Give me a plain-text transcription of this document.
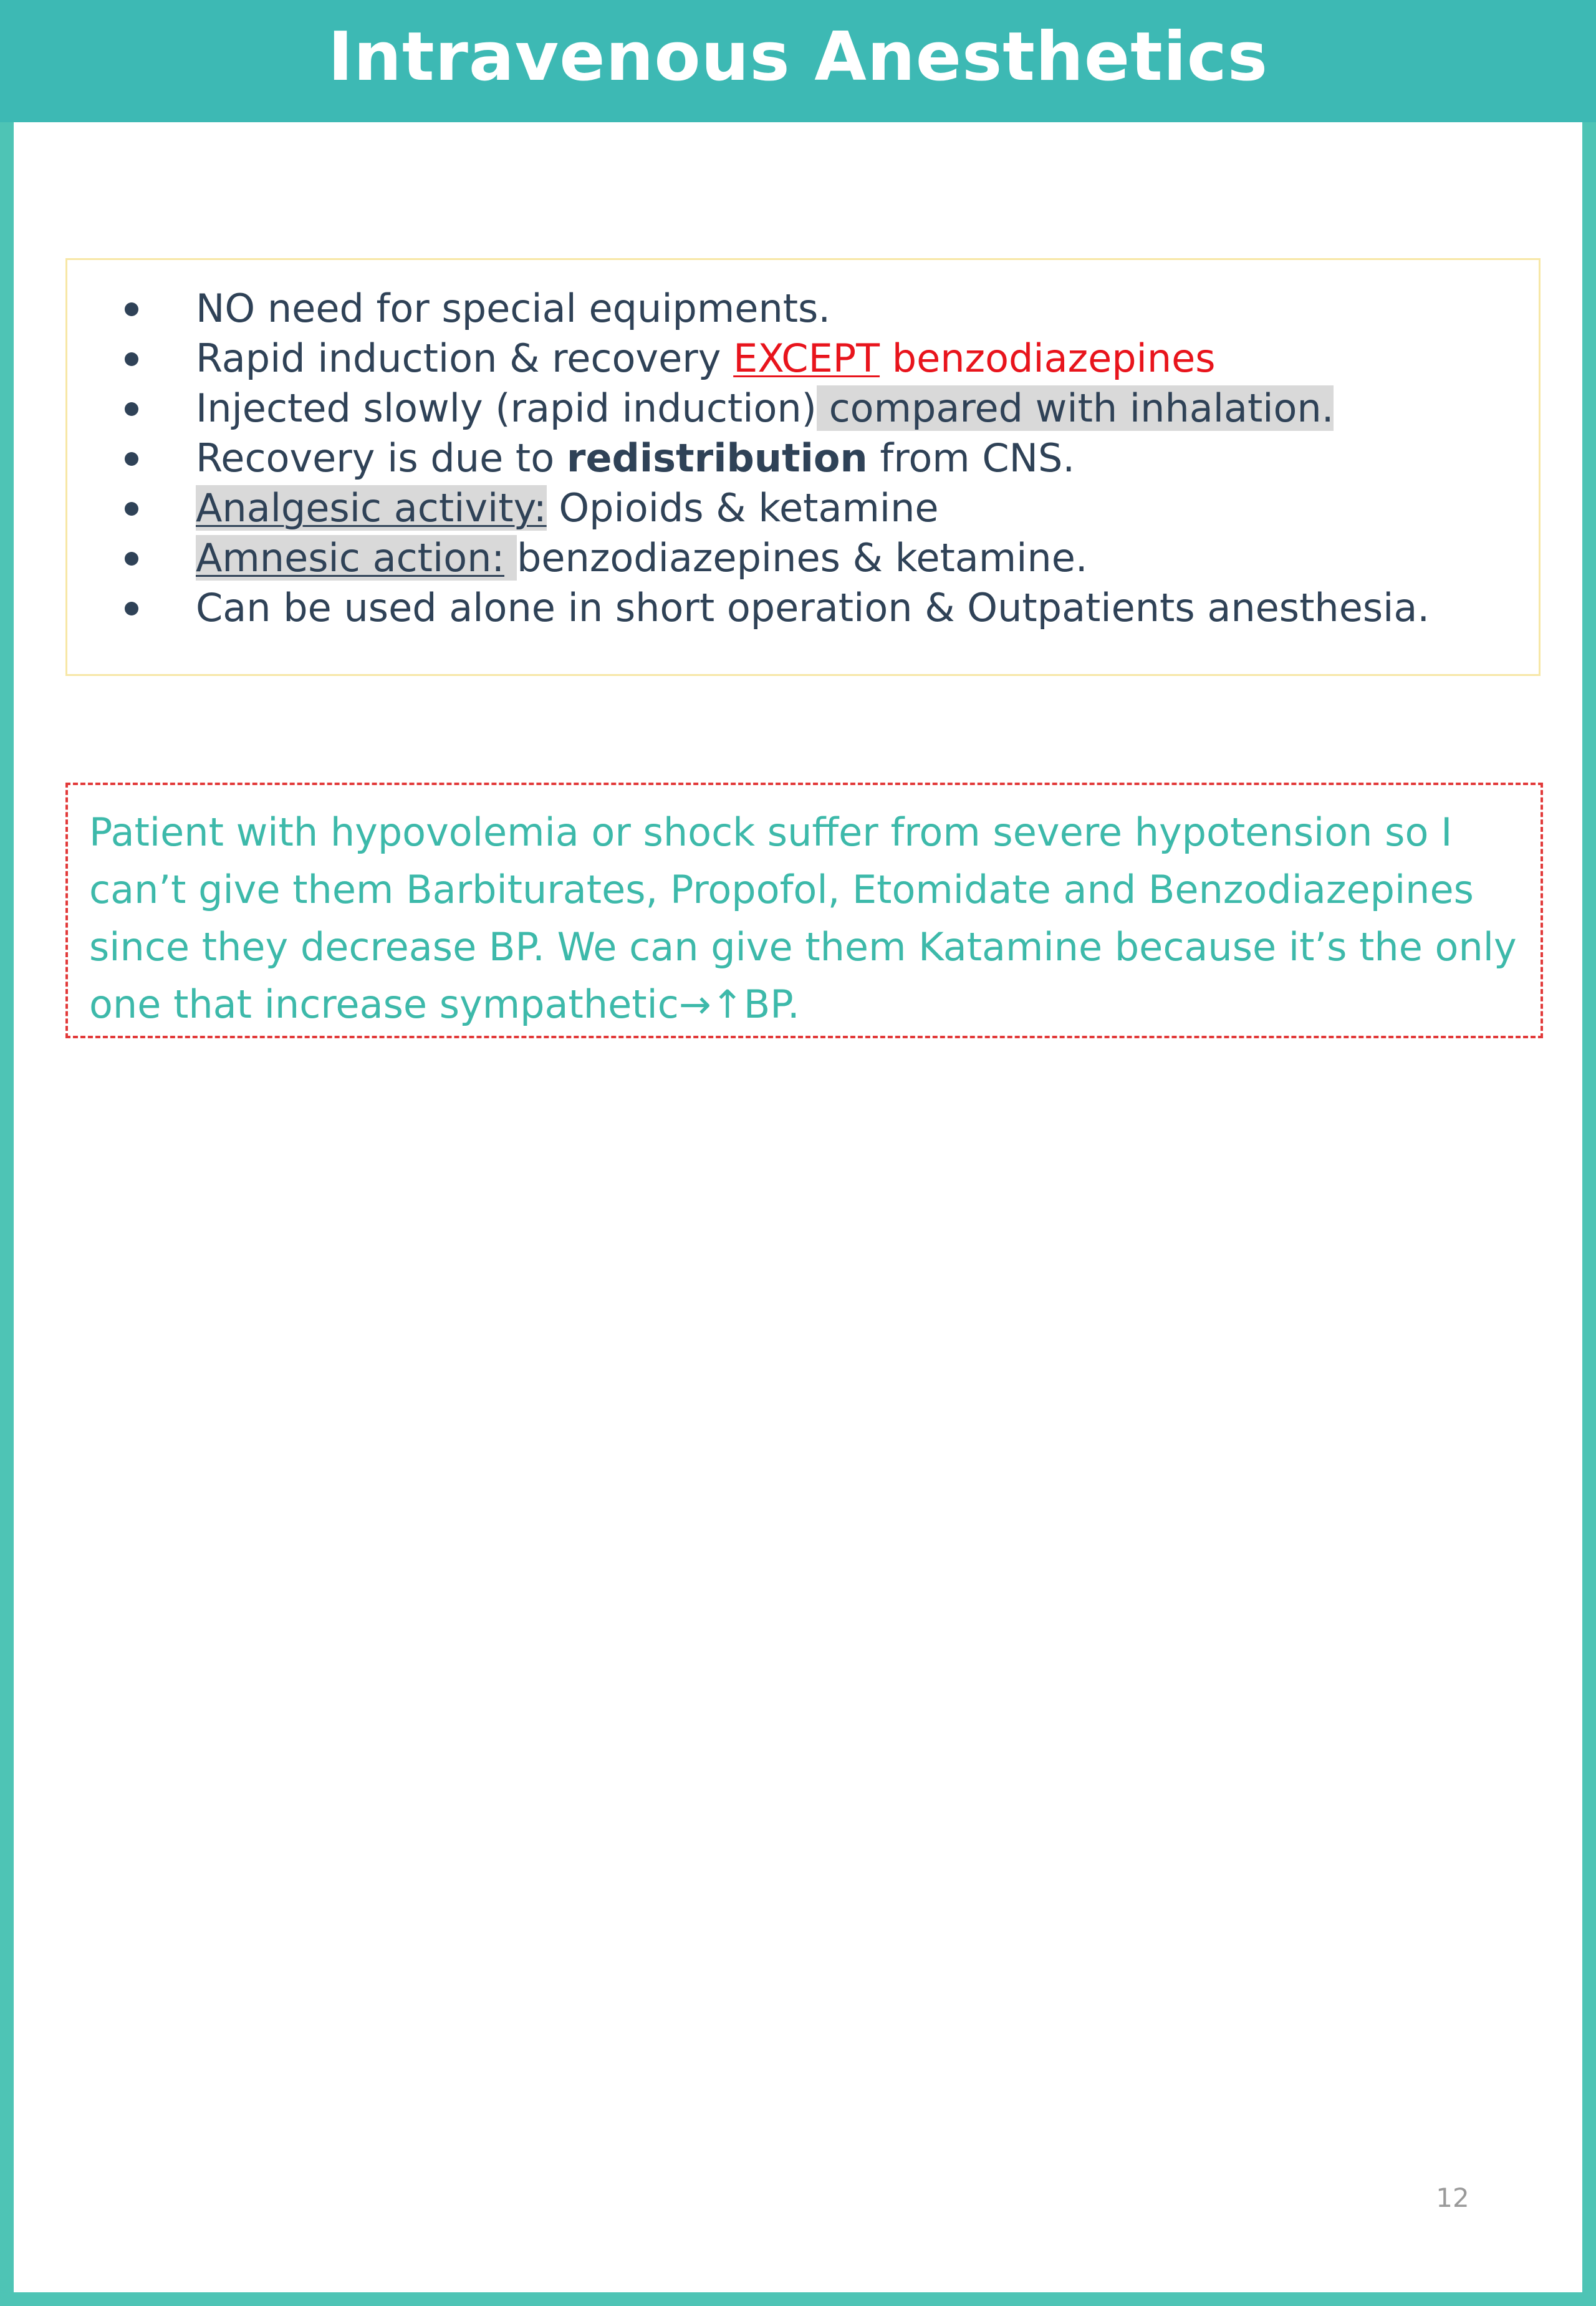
Intravenous Anesthetics
NO need for special equipments.
Rapid induction & recovery EXCEPT benzodiazepines
Injected slowly (rapid induction) compared with inhalation.
Recovery is due to redistribution from CNS.
Analgesic activity: Opioids & ketamine
Amnesic action: benzodiazepines & ketamine.
Can be used alone in short operation & Outpatients anesthesia.

Patient with hypovolemia or shock suffer from severe hypotension so I can’t give them Barbiturates, Propofol, Etomidate and Benzodiazepines since they decrease BP. We can give them Katamine because it’s the only one that increase sympathetic→↑BP.

12
